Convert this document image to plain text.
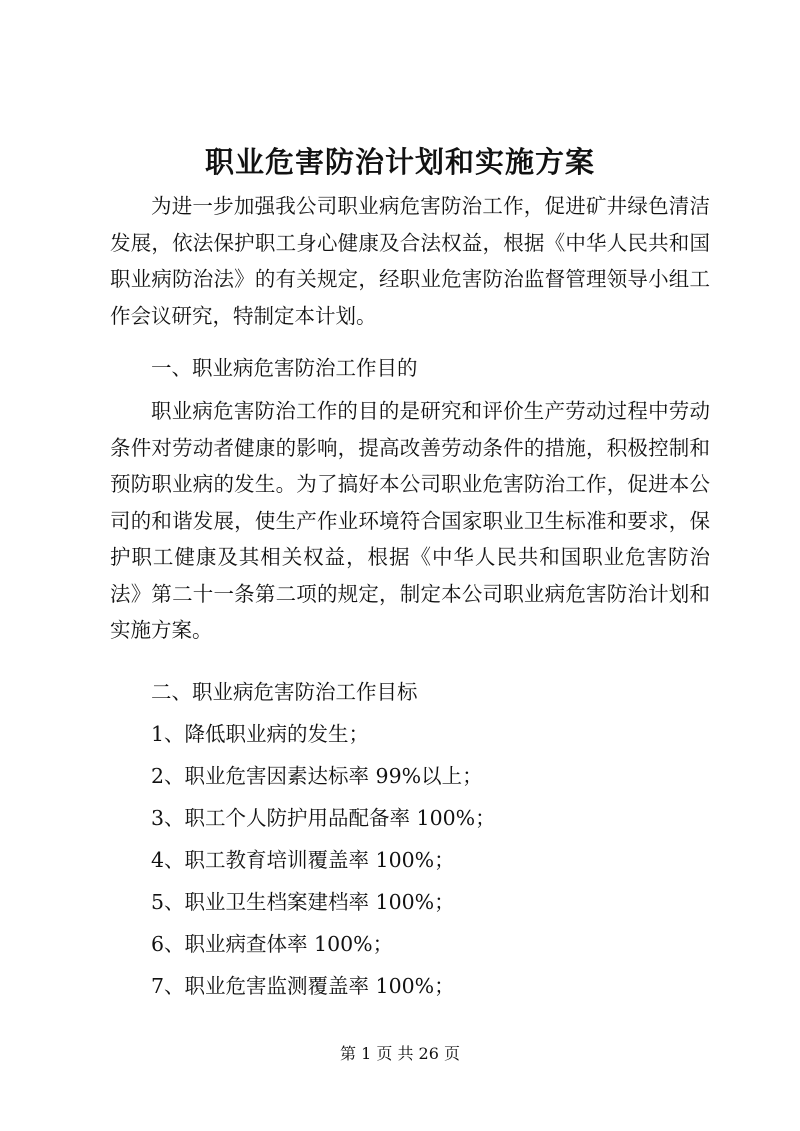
职业危害防治计划和实施方案
为进一步加强我公司职业病危害防治工作，促进矿井绿色清洁发展，依法保护职工身心健康及合法权益，根据《中华人民共和国职业病防治法》的有关规定，经职业危害防治监督管理领导小组工作会议研究，特制定本计划。
一、职业病危害防治工作目的
职业病危害防治工作的目的是研究和评价生产劳动过程中劳动条件对劳动者健康的影响，提高改善劳动条件的措施，积极控制和预防职业病的发生。为了搞好本公司职业危害防治工作，促进本公司的和谐发展，使生产作业环境符合国家职业卫生标准和要求，保护职工健康及其相关权益，根据《中华人民共和国职业危害防治法》第二十一条第二项的规定，制定本公司职业病危害防治计划和实施方案。
二、职业病危害防治工作目标
1、降低职业病的发生；
2、职业危害因素达标率 99%以上；
3、职工个人防护用品配备率 100%；
4、职工教育培训覆盖率 100%；
5、职业卫生档案建档率 100%；
6、职业病查体率 100%；
7、职业危害监测覆盖率 100%；
第 1 页 共 26 页
